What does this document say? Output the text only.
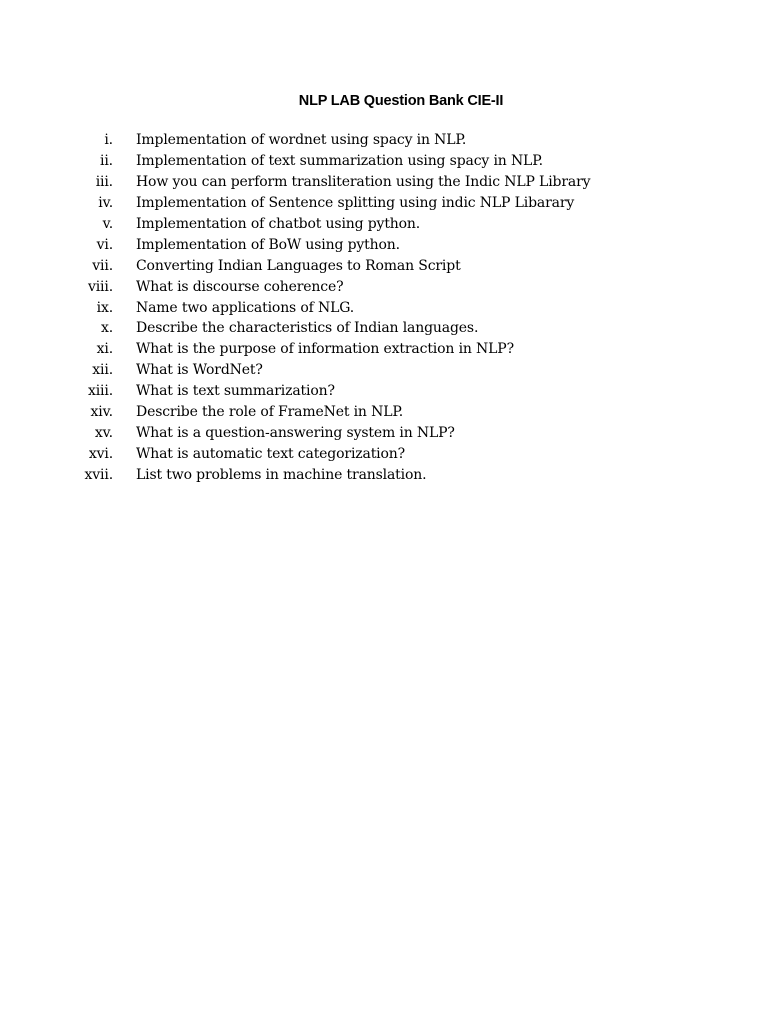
NLP LAB Question Bank CIE-II
i. Implementation of wordnet using spacy in NLP.
ii. Implementation of text summarization using spacy in NLP.
iii. How you can perform transliteration using the Indic NLP Library
iv. Implementation of Sentence splitting using indic NLP Libarary
v. Implementation of chatbot using python.
vi. Implementation of BoW using python.
vii. Converting Indian Languages to Roman Script
viii. What is discourse coherence?
ix. Name two applications of NLG.
x. Describe the characteristics of Indian languages.
xi. What is the purpose of information extraction in NLP?
xii. What is WordNet?
xiii. What is text summarization?
xiv. Describe the role of FrameNet in NLP.
xv. What is a question-answering system in NLP?
xvi. What is automatic text categorization?
xvii. List two problems in machine translation.
